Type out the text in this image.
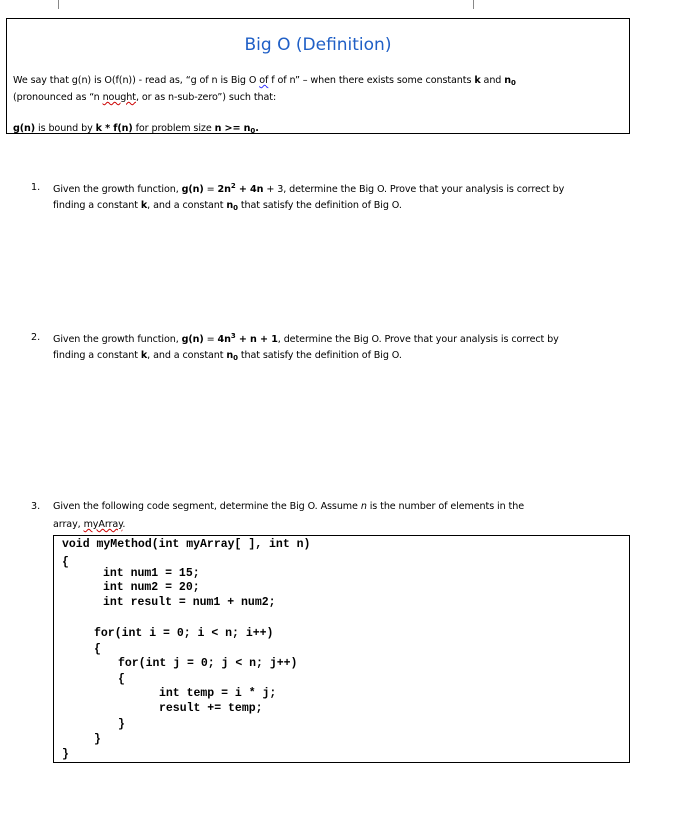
Big O (Definition)
We say that g(n) is O(f(n)) - read as, “g of n is Big O of f of n” – when there exists some constants k and $n_0$
(pronounced as “n nought, or as n-sub-zero”) such that:
g(n) is bound by k * f(n) for problem size $n >= n_0$.
1. Given the growth function, $g(n) = 2n^2 + 4n + 3$, determine the Big O. Prove that your analysis is correct by
finding a constant k, and a constant $n_0$ that satisfy the definition of Big O.
2. Given the growth function, $g(n) = 4n^3 + n + 1$, determine the Big O. Prove that your analysis is correct by
finding a constant k, and a constant $n_0$ that satisfy the definition of Big O.
3. Given the following code segment, determine the Big O. Assume n is the number of elements in the
array, myArray.
void myMethod(int myArray[ ], int n)
{
int num1 = 15;
int num2 = 20;
int result = num1 + num2;
for(int i = 0; i < n; i++)
{
for(int j = 0; j < n; j++)
{
int temp = i * j;
result += temp;
}
}
}
